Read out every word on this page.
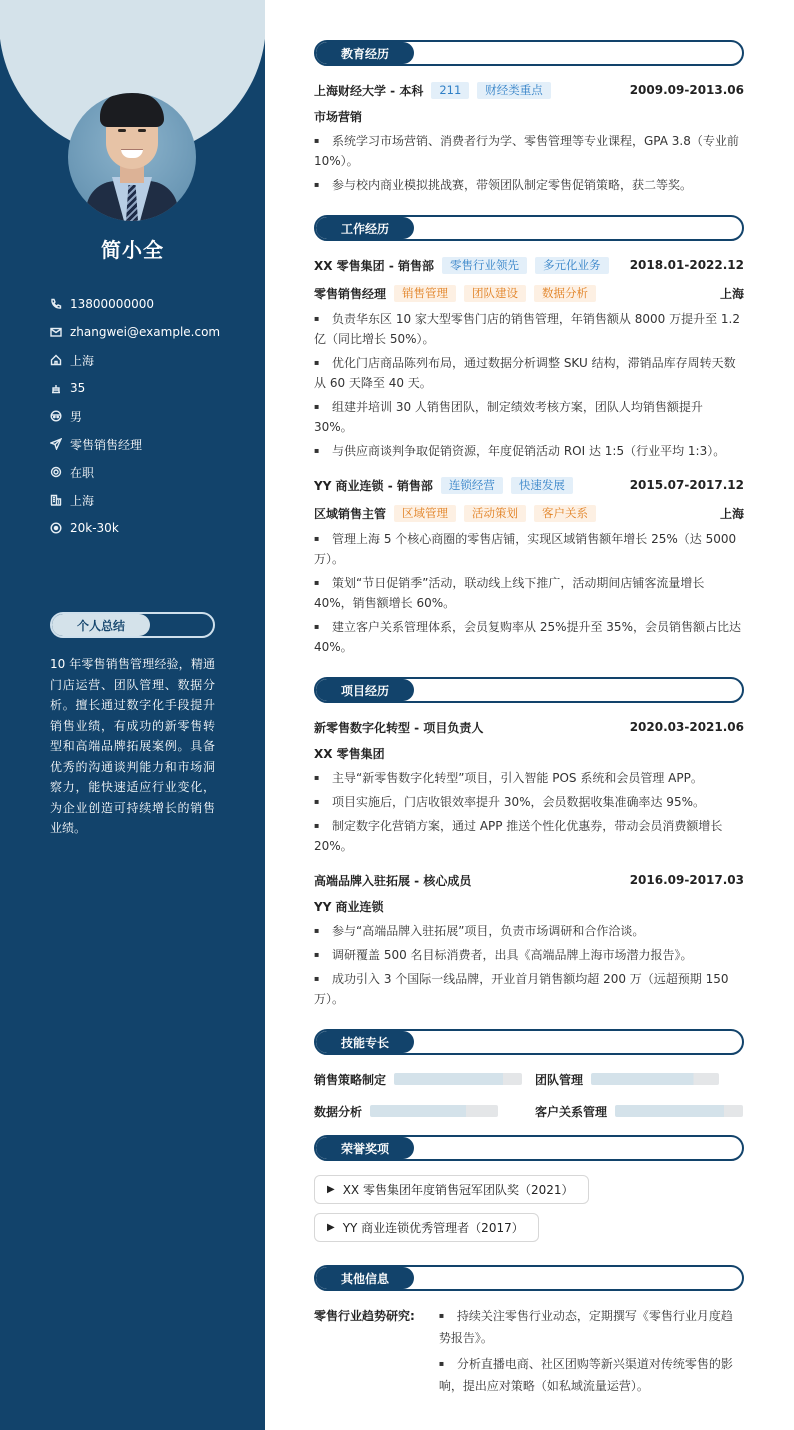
简小全
13800000000
zhangwei@example.com
上海
35
男
零售销售经理
在职
上海
20k-30k
个人总结
10 年零售销售管理经验，精通门店运营、团队管理、数据分析。擅长通过数字化手段提升销售业绩，有成功的新零售转型和高端品牌拓展案例。具备优秀的沟通谈判能力和市场洞察力，能快速适应行业变化，为企业创造可持续增长的销售业绩。
教育经历
上海财经大学 - 本科	211	财经类重点	2009.09-2013.06
市场营销
▪ 系统学习市场营销、消费者行为学、零售管理等专业课程，GPA 3.8（专业前 10%）。
▪ 参与校内商业模拟挑战赛，带领团队制定零售促销策略，获二等奖。
工作经历
XX 零售集团 - 销售部	零售行业领先	多元化业务	2018.01-2022.12
零售销售经理	销售管理	团队建设	数据分析	上海
▪ 负责华东区 10 家大型零售门店的销售管理，年销售额从 8000 万提升至 1.2 亿（同比增长 50%）。
▪ 优化门店商品陈列布局，通过数据分析调整 SKU 结构，滞销品库存周转天数从 60 天降至 40 天。
▪ 组建并培训 30 人销售团队，制定绩效考核方案，团队人均销售额提升 30%。
▪ 与供应商谈判争取促销资源，年度促销活动 ROI 达 1:5（行业平均 1:3）。
YY 商业连锁 - 销售部	连锁经营	快速发展	2015.07-2017.12
区域销售主管	区域管理	活动策划	客户关系	上海
▪ 管理上海 5 个核心商圈的零售店铺，实现区域销售额年增长 25%（达 5000 万）。
▪ 策划“节日促销季”活动，联动线上线下推广，活动期间店铺客流量增长 40%，销售额增长 60%。
▪ 建立客户关系管理体系，会员复购率从 25%提升至 35%，会员销售额占比达 40%。
项目经历
新零售数字化转型 - 项目负责人	2020.03-2021.06
XX 零售集团
▪ 主导“新零售数字化转型”项目，引入智能 POS 系统和会员管理 APP。
▪ 项目实施后，门店收银效率提升 30%，会员数据收集准确率达 95%。
▪ 制定数字化营销方案，通过 APP 推送个性化优惠券，带动会员消费额增长 20%。
高端品牌入驻拓展 - 核心成员	2016.09-2017.03
YY 商业连锁
▪ 参与“高端品牌入驻拓展”项目，负责市场调研和合作洽谈。
▪ 调研覆盖 500 名目标消费者，出具《高端品牌上海市场潜力报告》。
▪ 成功引入 3 个国际一线品牌，开业首月销售额均超 200 万（远超预期 150 万）。
技能专长
销售策略制定	团队管理
数据分析	客户关系管理
荣誉奖项
▶ XX 零售集团年度销售冠军团队奖（2021）
▶ YY 商业连锁优秀管理者（2017）
其他信息
零售行业趋势研究:	▪ 持续关注零售行业动态，定期撰写《零售行业月度趋势报告》。
▪ 分析直播电商、社区团购等新兴渠道对传统零售的影响，提出应对策略（如私域流量运营）。
